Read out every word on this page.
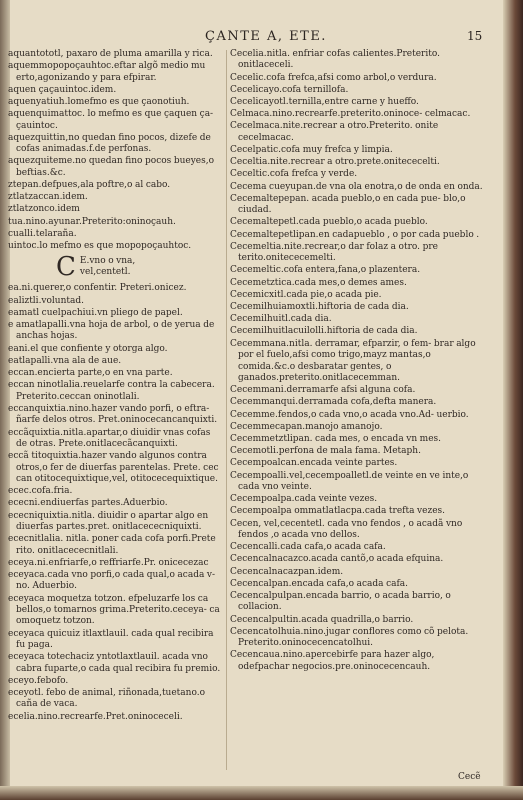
ÇANTE A, ETE.	15

aquantototl, paxaro de pluma amarilla y rica.

aquemmopopoçauhtoc.eftar algõ medio mu erto,agonizando y para efpirar.

aquen çaçauintoc.idem.

aquenyatiuh.lomefmo es que çaonotiuh.

aquenquimattoc. lo mefmo es que çaquen ça- çauintoc.

aquezquittin,no quedan fino pocos, dizefe de cofas animadas.f.de perfonas.

aquezquiteme.no quedan fino pocos bueyes,o beftias.&c.

ztepan.defpues,ala poftre,o al cabo.

ztlatzaccan.idem.

ztlatzonco.idem

tua.nino.ayunar.Preterito:oninoçauh.

cualli.telaraña.

uintoc.lo mefmo es que mopopoçauhtoc.

C E.vno o vna,

vel,centetl.

ea.ni.querer,o confentir. Preteri.onicez.

ealiztli.voluntad.

eamatl cuelpachiui.vn pliego de papel.

e amatlapalli.vna hoja de arbol, o de yerua de anchas hojas.

eani.el que confiente y otorga algo.

eatlapalli.vna ala de aue.

eccan.encierta parte,o en vna parte.

eccan ninotlalia.reuelarfe contra la cabecera. Preterito.ceccan oninotlali.

eccanquixtia.nino.hazer vando porfi, o eftra- ñarfe delos otros. Pret.oninocecancanquixti.

eccãquixtia.nitla.apartar,o diuidir vnas cofas de otras. Prete.onitlacecãcanquixti.

eccã titoquixtia.hazer vando algunos contra otros,o fer de diuerfas parentelas. Prete. cec can otitocequixtique,vel, otitocecequixtique.

ecec.cofa.fria.

ececni.endiuerfas partes.Aduerbio.

ececniquixtia.nitla. diuidir o apartar algo en diuerfas partes.pret. onitlacececniquixti.

ececnitlalia. nitla. poner cada cofa porfi.Prete rito. onitlacececnitlali.

eceya.ni.enfriarfe,o reffriarfe.Pr. onicecezac

eceyaca.cada vno porfi,o cada qual,o acada v- no. Aduerbio.

eceyaca moquetza totzon. efpeluzarfe los ca bellos,o tomarnos grima.Preterito.ceceya- ca omoquetz totzon.

eceyaca quicuiz itlaxtlauil. cada qual recibira fu paga.

eceyaca totechaciz yntotlaxtlauil. acada vno cabra fuparte,o cada qual recibira fu premio.

eceyo.febofo.

eceyotl. febo de animal, riñonada,tuetano.o caña de vaca.

ecelia.nino.recrearfe.Pret.oninoceceli.

Cecelia.nitla. enfriar cofas calientes.Preterito. onitlaceceli.

Cecelic.cofa frefca,afsi como arbol,o verdura.

Cecelicayo.cofa ternillofa.

Cecelicayotl.ternilla,entre carne y hueffo.

Celmaca.nino.recrearfe.preterito.oninoce- celmacac.

Cecelmaca.nite.recrear a otro.Preterito. onite cecelmacac.

Cecelpatic.cofa muy frefca y limpia.

Ceceltia.nite.recrear a otro.prete.onitececelti.

Ceceltic.cofa frefca y verde.

Cecema cueyupan.de vna ola enotra,o de onda en onda.

Cecemaltepepan. acada pueblo,o en cada pue- blo,o ciudad.

Cecemaltepetl.cada pueblo,o acada pueblo.

Cecemaltepetlipan.en cadapueblo , o por cada pueblo .

Cecemeltia.nite.recrear,o dar folaz a otro. pre terito.onitececemelti.

Cecemeltic.cofa entera,fana,o plazentera.

Cecemetztica.cada mes,o demes ames.

Cecemicxitl.cada pie,o acada pie.

Cecemilhuiamoxtli.hiftoria de cada dia.

Cecemilhuitl.cada dia.

Cecemilhuitlacuilolli.hiftoria de cada dia.

Cecemmana.nitla. derramar, efparzir, o fem- brar algo por el fuelo,afsi como trigo,mayz mantas,o comida.&c.o desbaratar gentes, o ganados.preterito.onitlacecemman.

Cecemmani.derramarfe afsi alguna cofa.

Cecemmanqui.derramada cofa,defta manera.

Cecemme.fendos,o cada vno,o acada vno.Ad- uerbio.

Cecemmecapan.manojo amanojo.

Cecemmetztlipan. cada mes, o encada vn mes.

Cecemotli.perfona de mala fama. Metaph.

Cecempoalcan.encada veinte partes.

Cecempoalli.vel,cecempoalletl.de veinte en ve inte,o cada vno veinte.

Cecempoalpa.cada veinte vezes.

Cecempoalpa ommatlatlacpa.cada trefta vezes.

Cecen, vel,cecentetl. cada vno fendos , o acadã vno fendos ,o acada vno dellos.

Cecencalli.cada cafa,o acada cafa.

Cecencalnacazco.acada cantõ,o acada efquina.

Cecencalnacazpan.idem.

Cecencalpan.encada cafa,o acada cafa.

Cecencalpulpan.encada barrio, o acada barrio, o collacion.

Cecencalpultin.acada quadrilla,o barrio.

Cecencatolhuia.nino.jugar conflores como cõ pelota. Preterito.oninocecencatolhui.

Cecencaua.nino.apercebirfe para hazer algo, odefpachar negocios.pre.oninocecencauh.

Cecẽ
